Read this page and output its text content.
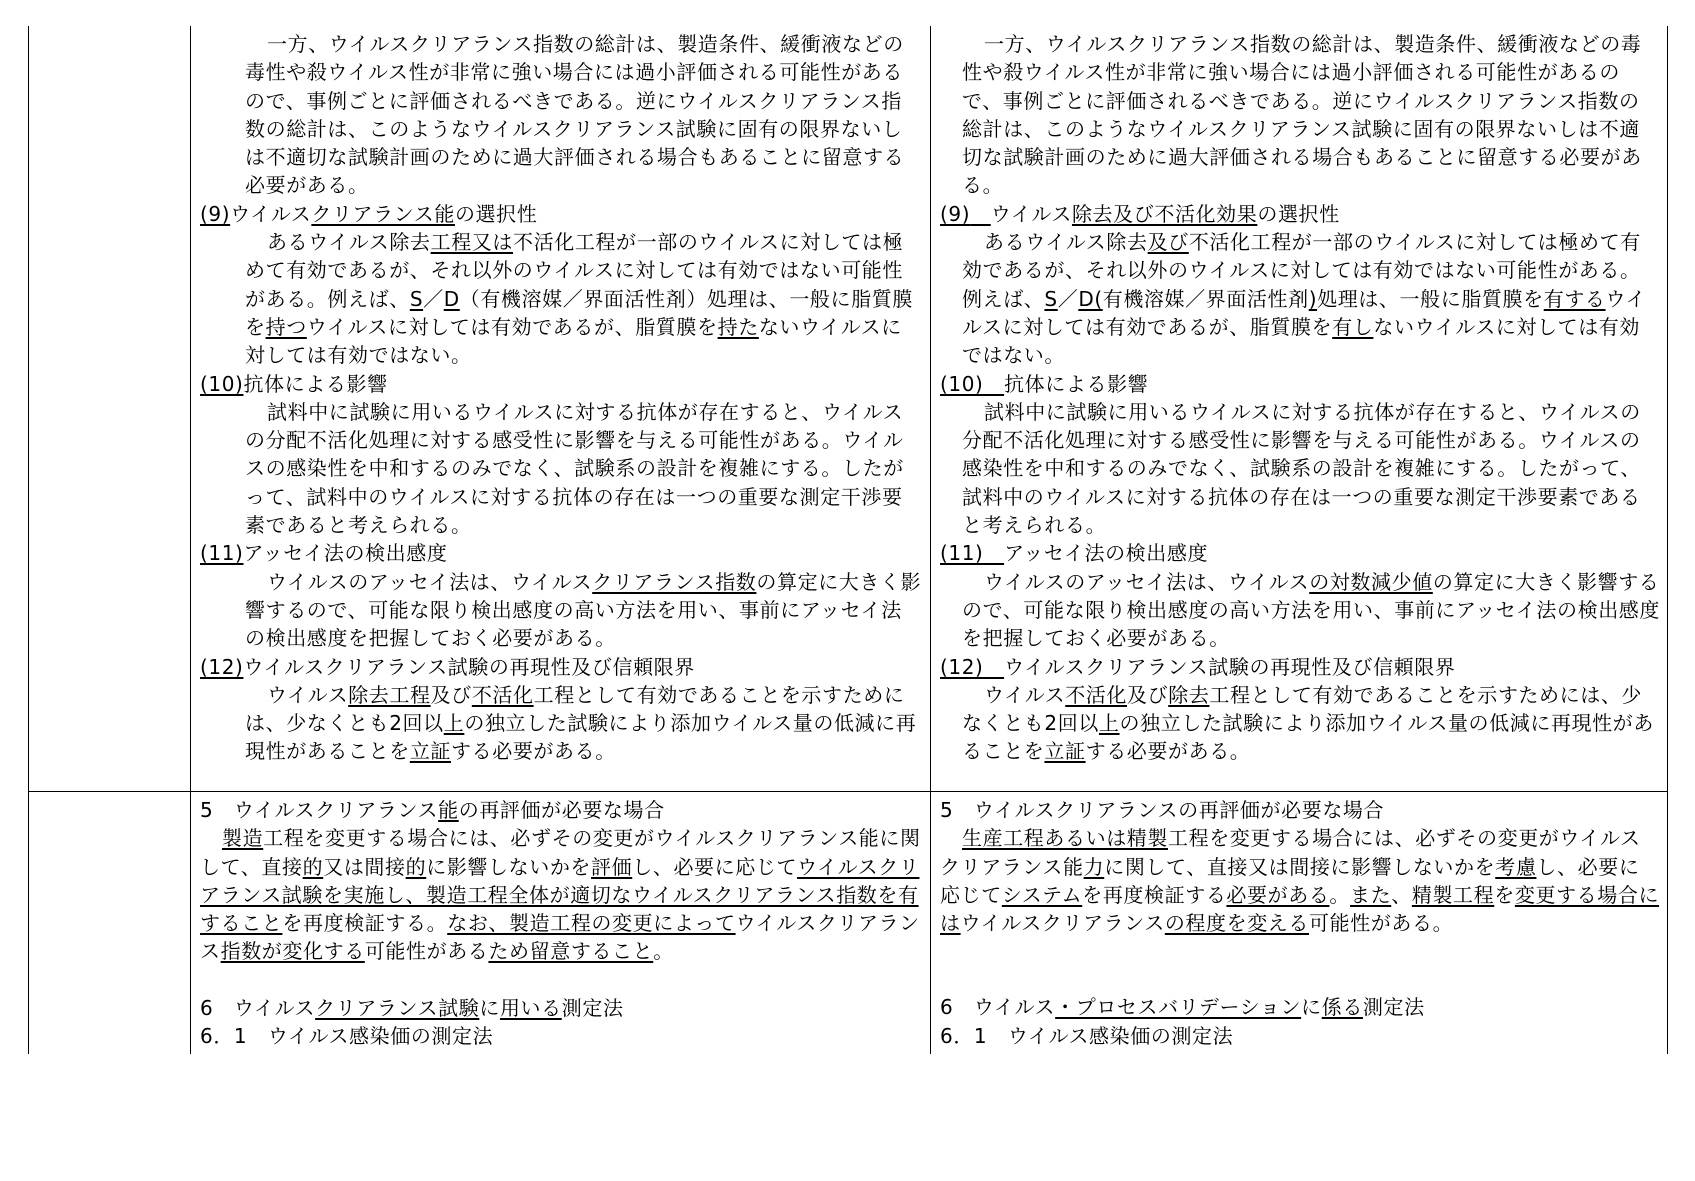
一方、ウイルスクリアランス指数の総計は、製造条件、緩衝液などの毒性や殺ウイルス性が非常に強い場合には過小評価される可能性があるので、事例ごとに評価されるべきである。逆にウイルスクリアランス指数の総計は、このようなウイルスクリアランス試験に固有の限界ないしは不適切な試験計画のために過大評価される場合もあることに留意する必要がある。

(9)ウイルスクリアランス能の選択性

あるウイルス除去工程又は不活化工程が一部のウイルスに対しては極めて有効であるが、それ以外のウイルスに対しては有効ではない可能性がある。例えば、S／D（有機溶媒／界面活性剤）処理は、一般に脂質膜を持つウイルスに対しては有効であるが、脂質膜を持たないウイルスに対しては有効ではない。

(10)抗体による影響

試料中に試験に用いるウイルスに対する抗体が存在すると、ウイルスの分配不活化処理に対する感受性に影響を与える可能性がある。ウイルスの感染性を中和するのみでなく、試験系の設計を複雑にする。したがって、試料中のウイルスに対する抗体の存在は一つの重要な測定干渉要素であると考えられる。

(11)アッセイ法の検出感度

ウイルスのアッセイ法は、ウイルスクリアランス指数の算定に大きく影響するので、可能な限り検出感度の高い方法を用い、事前にアッセイ法の検出感度を把握しておく必要がある。

(12)ウイルスクリアランス試験の再現性及び信頼限界

ウイルス除去工程及び不活化工程として有効であることを示すためには、少なくとも2回以上の独立した試験により添加ウイルス量の低減に再現性があることを立証する必要がある。

一方、ウイルスクリアランス指数の総計は、製造条件、緩衝液などの毒性や殺ウイルス性が非常に強い場合には過小評価される可能性があるので、事例ごとに評価されるべきである。逆にウイルスクリアランス指数の総計は、このようなウイルスクリアランス試験に固有の限界ないしは不適切な試験計画のために過大評価される場合もあることに留意する必要がある。

(9)　 ウイルス除去及び不活化効果の選択性

あるウイルス除去及び不活化工程が一部のウイルスに対しては極めて有効であるが、それ以外のウイルスに対しては有効ではない可能性がある。例えば、S／D(有機溶媒／界面活性剤)処理は、一般に脂質膜を有するウイルスに対しては有効であるが、脂質膜を有しないウイルスに対しては有効ではない。

(10)　 抗体による影響

試料中に試験に用いるウイルスに対する抗体が存在すると、ウイルスの分配不活化処理に対する感受性に影響を与える可能性がある。ウイルスの感染性を中和するのみでなく、試験系の設計を複雑にする。したがって、試料中のウイルスに対する抗体の存在は一つの重要な測定干渉要素であると考えられる。

(11)　 アッセイ法の検出感度

ウイルスのアッセイ法は、ウイルスの対数減少値の算定に大きく影響するので、可能な限り検出感度の高い方法を用い、事前にアッセイ法の検出感度を把握しておく必要がある。

(12)　 ウイルスクリアランス試験の再現性及び信頼限界

ウイルス不活化及び除去工程として有効であることを示すためには、少なくとも2回以上の独立した試験により添加ウイルス量の低減に再現性があることを立証する必要がある。

5　ウイルスクリアランス能の再評価が必要な場合

製造工程を変更する場合には、必ずその変更がウイルスクリアランス能に関して、直接的又は間接的に影響しないかを評価し、必要に応じてウイルスクリアランス試験を実施し、製造工程全体が適切なウイルスクリアランス指数を有することを再度検証する。なお、製造工程の変更によってウイルスクリアランス指数が変化する可能性があるため留意すること。

6　ウイルスクリアランス試験に用いる測定法

6．1　ウイルス感染価の測定法

5　ウイルスクリアランスの再評価が必要な場合

生産工程あるいは精製工程を変更する場合には、必ずその変更がウイルスクリアランス能力に関して、直接又は間接に影響しないかを考慮し、必要に応じてシステムを再度検証する必要がある。また、精製工程を変更する場合にはウイルスクリアランスの程度を変える可能性がある。

6　ウイルス・プロセスバリデーションに係る測定法

6．1　ウイルス感染価の測定法
